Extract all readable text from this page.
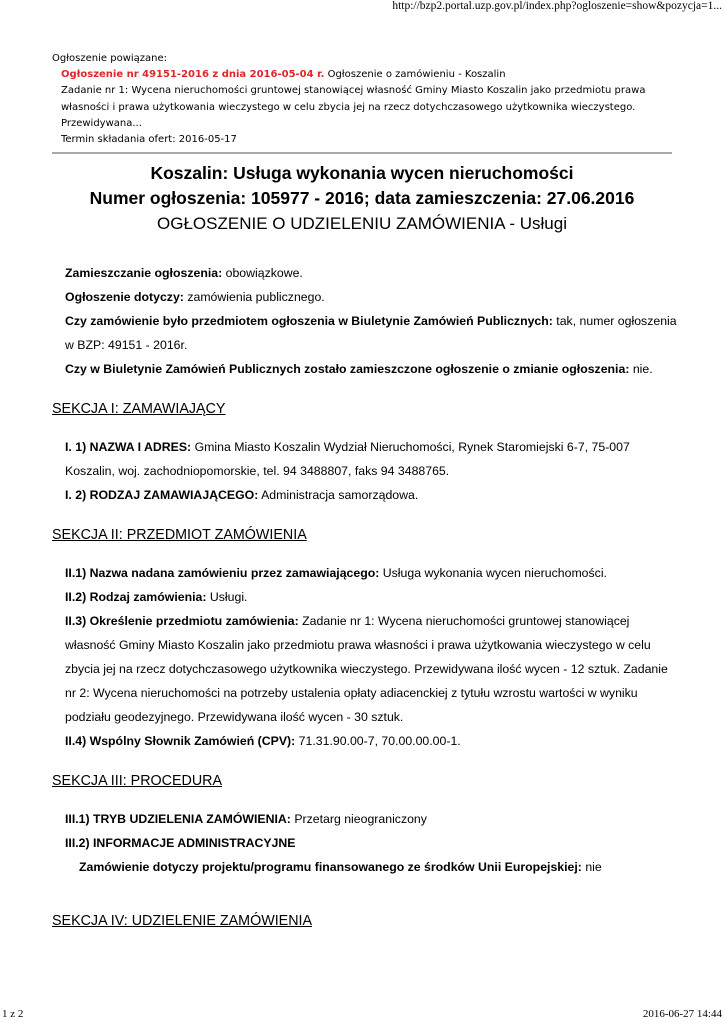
http://bzp2.portal.uzp.gov.pl/index.php?ogloszenie=show&pozycja=1...
Ogłoszenie powiązane:
Ogłoszenie nr 49151-2016 z dnia 2016-05-04 r. Ogłoszenie o zamówieniu - Koszalin
Zadanie nr 1: Wycena nieruchomości gruntowej stanowiącej własność Gminy Miasto Koszalin jako przedmiotu prawa
własności i prawa użytkowania wieczystego w celu zbycia jej na rzecz dotychczasowego użytkownika wieczystego.
Przewidywana...
Termin składania ofert: 2016-05-17
Koszalin: Usługa wykonania wycen nieruchomości
Numer ogłoszenia: 105977 - 2016; data zamieszczenia: 27.06.2016
OGŁOSZENIE O UDZIELENIU ZAMÓWIENIA - Usługi

Zamieszczanie ogłoszenia: obowiązkowe.

Ogłoszenie dotyczy: zamówienia publicznego.

Czy zamówienie było przedmiotem ogłoszenia w Biuletynie Zamówień Publicznych: tak, numer ogłoszenia

w BZP: 49151 - 2016r.

Czy w Biuletynie Zamówień Publicznych zostało zamieszczone ogłoszenie o zmianie ogłoszenia: nie.

SEKCJA I: ZAMAWIAJĄCY

I. 1) NAZWA I ADRES: Gmina Miasto Koszalin Wydział Nieruchomości, Rynek Staromiejski 6-7, 75-007

Koszalin, woj. zachodniopomorskie, tel. 94 3488807, faks 94 3488765.

I. 2) RODZAJ ZAMAWIAJĄCEGO: Administracja samorządowa.

SEKCJA II: PRZEDMIOT ZAMÓWIENIA

II.1) Nazwa nadana zamówieniu przez zamawiającego: Usługa wykonania wycen nieruchomości.

II.2) Rodzaj zamówienia: Usługi.

II.3) Określenie przedmiotu zamówienia: Zadanie nr 1: Wycena nieruchomości gruntowej stanowiącej

własność Gminy Miasto Koszalin jako przedmiotu prawa własności i prawa użytkowania wieczystego w celu

zbycia jej na rzecz dotychczasowego użytkownika wieczystego. Przewidywana ilość wycen - 12 sztuk. Zadanie

nr 2: Wycena nieruchomości na potrzeby ustalenia opłaty adiacenckiej z tytułu wzrostu wartości w wyniku

podziału geodezyjnego. Przewidywana ilość wycen - 30 sztuk.

II.4) Wspólny Słownik Zamówień (CPV): 71.31.90.00-7, 70.00.00.00-1.

SEKCJA III: PROCEDURA

III.1) TRYB UDZIELENIA ZAMÓWIENIA: Przetarg nieograniczony

III.2) INFORMACJE ADMINISTRACYJNE

Zamówienie dotyczy projektu/programu finansowanego ze środków Unii Europejskiej: nie

SEKCJA IV: UDZIELENIE ZAMÓWIENIA
1 z 2	2016-06-27 14:44
